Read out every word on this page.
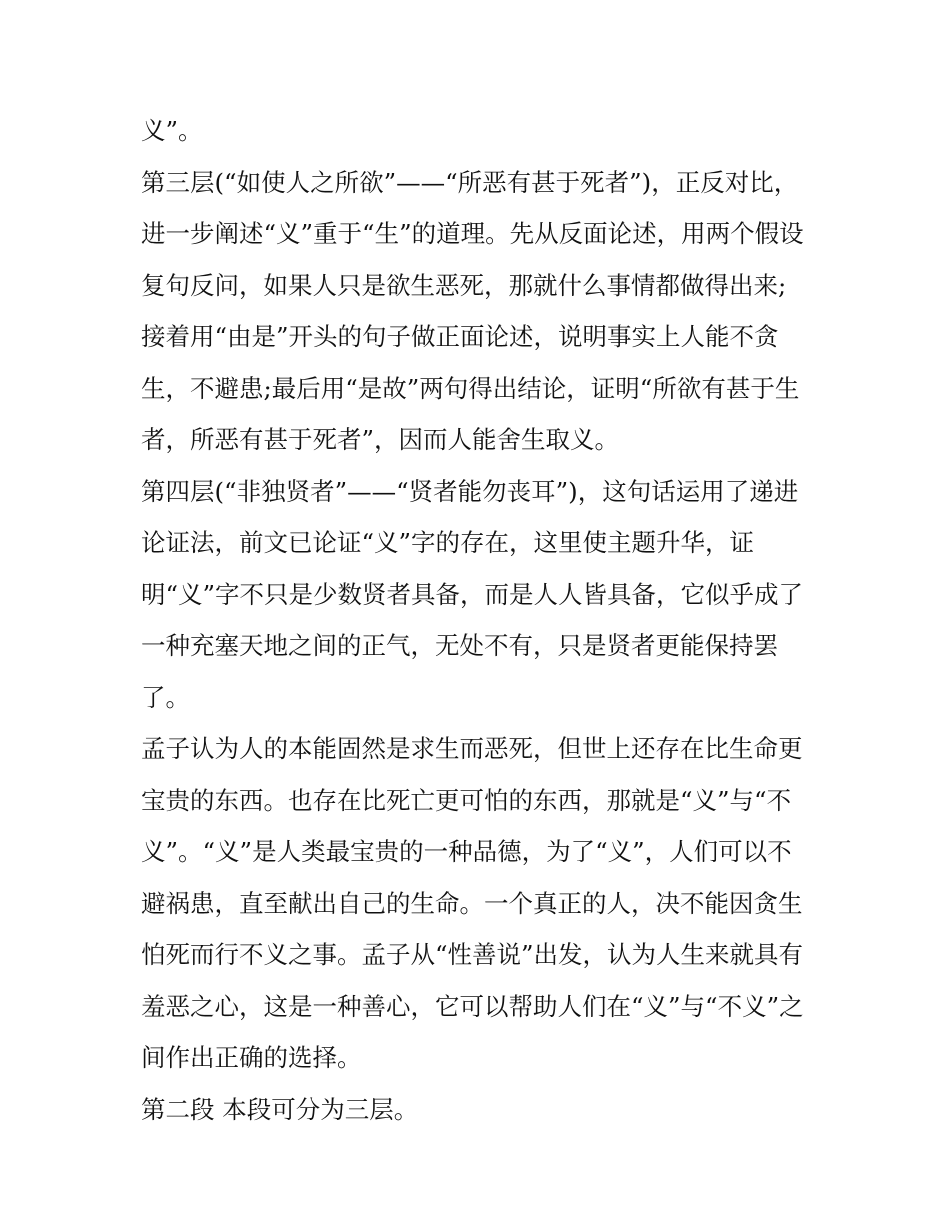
义”。
第三层(“如使人之所欲”——“所恶有甚于死者”)，正反对比，
进一步阐述“义”重于“生”的道理。先从反面论述，用两个假设
复句反问，如果人只是欲生恶死，那就什么事情都做得出来;
接着用“由是”开头的句子做正面论述，说明事实上人能不贪
生，不避患;最后用“是故”两句得出结论，证明“所欲有甚于生
者，所恶有甚于死者”，因而人能舍生取义。
第四层(“非独贤者”——“贤者能勿丧耳”)，这句话运用了递进
论证法，前文已论证“义”字的存在，这里使主题升华，证
明“义”字不只是少数贤者具备，而是人人皆具备，它似乎成了
一种充塞天地之间的正气，无处不有，只是贤者更能保持罢
了。
孟子认为人的本能固然是求生而恶死，但世上还存在比生命更
宝贵的东西。也存在比死亡更可怕的东西，那就是“义”与“不
义”。“义”是人类最宝贵的一种品德，为了“义”，人们可以不
避祸患，直至献出自己的生命。一个真正的人，决不能因贪生
怕死而行不义之事。孟子从“性善说”出发，认为人生来就具有
羞恶之心，这是一种善心，它可以帮助人们在“义”与“不义”之
间作出正确的选择。
第二段 本段可分为三层。
